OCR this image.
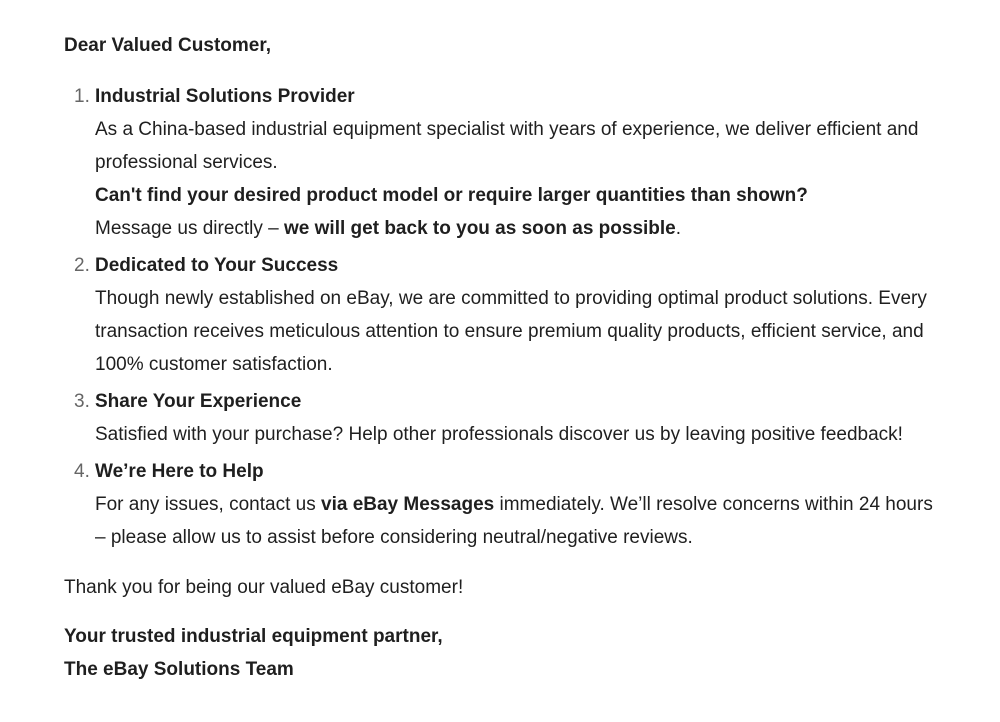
Dear Valued Customer,

1. Industrial Solutions Provider

As a China-based industrial equipment specialist with years of experience, we deliver efficient and professional services.

Can't find your desired product model or require larger quantities than shown?

Message us directly – we will get back to you as soon as possible.

2. Dedicated to Your Success

Though newly established on eBay, we are committed to providing optimal product solutions. Every transaction receives meticulous attention to ensure premium quality products, efficient service, and 100% customer satisfaction.

3. Share Your Experience

Satisfied with your purchase? Help other professionals discover us by leaving positive feedback!

4. We’re Here to Help

For any issues, contact us via eBay Messages immediately. We’ll resolve concerns within 24 hours – please allow us to assist before considering neutral/negative reviews.

Thank you for being our valued eBay customer!

Your trusted industrial equipment partner,

The eBay Solutions Team
